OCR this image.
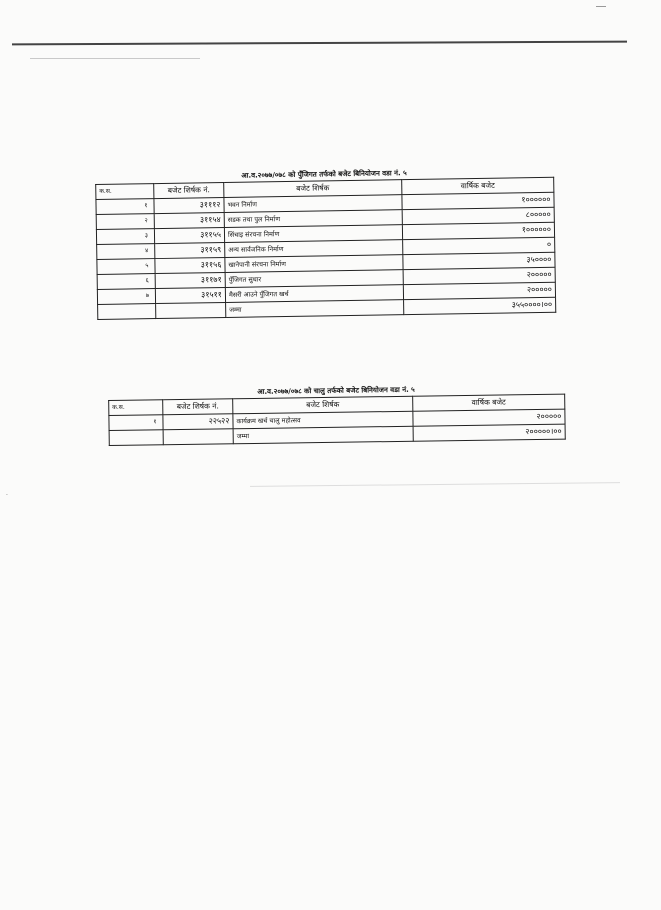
आ.व.२०७७/०७८ को पुँजिगत तर्फको बजेट बिनियोजन वडा नं. ५
क.स.	बजेट शिर्षक नं.	बजेट शिर्षक	वार्षिक बजेट
१	३१११२	भवन निर्माण	१००००००
२	३११५४	सडक तथा पुल निर्माण	८०००००
३	३११५५	सिंचाइ संरचना निर्माण	१००००००
४	३११५९	अन्य सार्वजनिक निर्माण	०
५	३११५६	खानेपानी संरचना निर्माण	३५००००
६	३११७१	पुँजिगत सुधार	२०००००
७	३१५११	मैसरी आउने पुँजिगत खर्च	२०००००
		जम्मा	३५५००००।००
आ.व.२०७७/०७८ को चालु तर्फको बजेट बिनियोजन वडा नं. ५
क.स.	बजेट शिर्षक नं.	बजेट शिर्षक	वार्षिक बजेट
१	२२५२२	कार्यक्रम खर्च चालु महोत्सव	२०००००
		जम्मा	२०००००।००
·
